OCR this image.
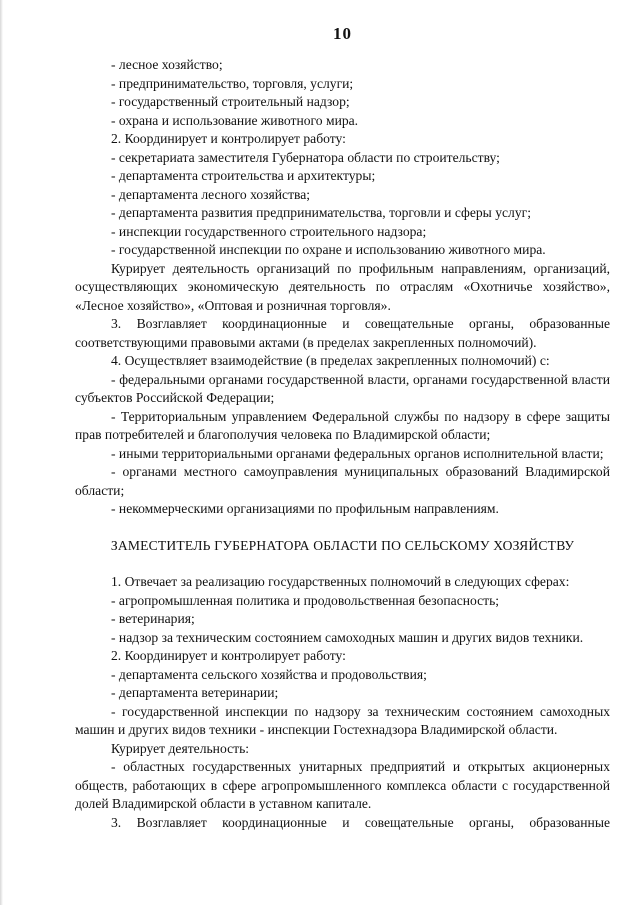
10
- лесное хозяйство;
- предпринимательство, торговля, услуги;
- государственный строительный надзор;
- охрана и использование животного мира.
2. Координирует и контролирует работу:
- секретариата заместителя Губернатора области по строительству;
- департамента строительства и архитектуры;
- департамента лесного хозяйства;
- департамента развития предпринимательства, торговли и сферы услуг;
- инспекции государственного строительного надзора;
- государственной инспекции по охране и использованию животного мира.
Курирует деятельность организаций по профильным направлениям, организаций, осуществляющих экономическую деятельность по отраслям «Охотничье хозяйство», «Лесное хозяйство», «Оптовая и розничная торговля».
3. Возглавляет координационные и совещательные органы, образованные соответствующими правовыми актами (в пределах закрепленных полномочий).
4. Осуществляет взаимодействие (в пределах закрепленных полномочий) с:
- федеральными органами государственной власти, органами государственной власти субъектов Российской Федерации;
- Территориальным управлением Федеральной службы по надзору в сфере защиты прав потребителей и благополучия человека по Владимирской области;
- иными территориальными органами федеральных органов исполнительной власти;
- органами местного самоуправления муниципальных образований Владимирской области;
- некоммерческими организациями по профильным направлениям.
ЗАМЕСТИТЕЛЬ ГУБЕРНАТОРА ОБЛАСТИ ПО СЕЛЬСКОМУ ХОЗЯЙСТВУ
1. Отвечает за реализацию государственных полномочий в следующих сферах:
- агропромышленная политика и продовольственная безопасность;
- ветеринария;
- надзор за техническим состоянием самоходных машин и других видов техники.
2. Координирует и контролирует работу:
- департамента сельского хозяйства и продовольствия;
- департамента ветеринарии;
- государственной инспекции по надзору за техническим состоянием самоходных машин и других видов техники - инспекции Гостехнадзора Владимирской области.
Курирует деятельность:
- областных государственных унитарных предприятий и открытых акционерных обществ, работающих в сфере агропромышленного комплекса области с государственной долей Владимирской области в уставном капитале.
3. Возглавляет координационные и совещательные органы, образованные
